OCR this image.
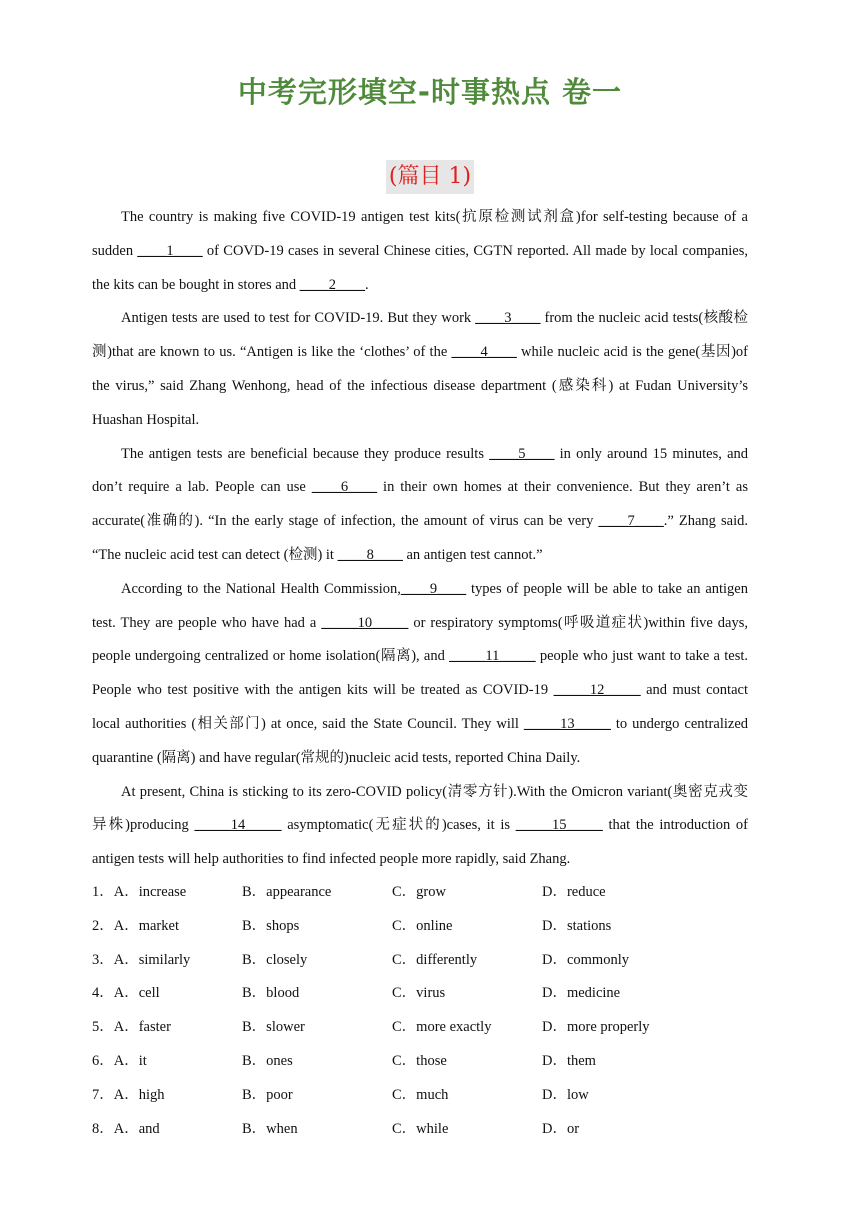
中考完形填空-时事热点 卷一
(篇目 1)

The country is making five COVID-19 antigen test kits(抗原检测试剂盒)for self-testing because of a sudden ____1____ of COVD-19 cases in several Chinese cities, CGTN reported. All made by local companies, the kits can be bought in stores and ____2____.

Antigen tests are used to test for COVID-19. But they work ____3____ from the nucleic acid tests(核酸检测)that are known to us. “Antigen is like the ‘clothes’ of the ____4____ while nucleic acid is the gene(基因)of the virus,” said Zhang Wenhong, head of the infectious disease department (感染科) at Fudan University’s Huashan Hospital.

The antigen tests are beneficial because they produce results ____5____ in only around 15 minutes, and don’t require a lab. People can use ____6____ in their own homes at their convenience. But they aren’t as accurate(准确的). “In the early stage of infection, the amount of virus can be very ____7____.” Zhang said. “The nucleic acid test can detect (检测) it ____8____ an antigen test cannot.”

According to the National Health Commission,____9____ types of people will be able to take an antigen test. They are people who have had a _____10_____ or respiratory symptoms(呼吸道症状)within five days, people undergoing centralized or home isolation(隔离), and _____11_____ people who just want to take a test. People who test positive with the antigen kits will be treated as COVID-19 _____12_____ and must contact local authorities (相关部门) at once, said the State Council. They will _____13_____ to undergo centralized quarantine (隔离) and have regular(常规的)nucleic acid tests, reported China Daily.

At present, China is sticking to its zero-COVID policy(清零方针).With the Omicron variant(奥密克戎变异株)producing _____14_____ asymptomatic(无症状的)cases, it is _____15_____ that the introduction of antigen tests will help authorities to find infected people more rapidly, said Zhang.

1．A．increase	B．appearance	C．grow	D．reduce
2．A．market	B．shops	C．online	D．stations
3．A．similarly	B．closely	C．differently	D．commonly
4．A．cell	B．blood	C．virus	D．medicine
5．A．faster	B．slower	C．more exactly	D．more properly
6．A．it	B．ones	C．those	D．them
7．A．high	B．poor	C．much	D．low
8．A．and	B．when	C．while	D．or
